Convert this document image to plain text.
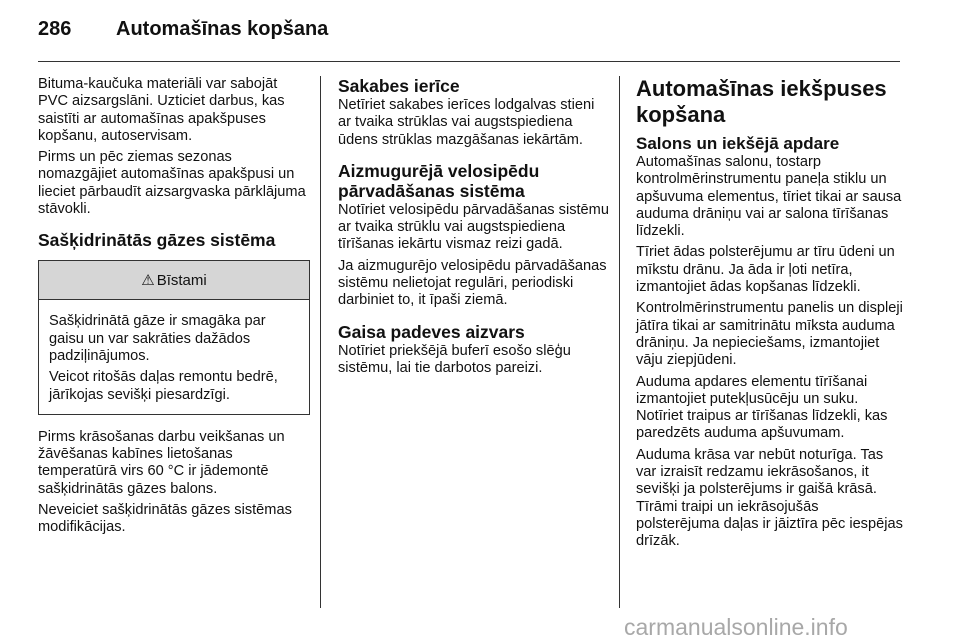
286 Automašīnas kopšana

Bituma-kaučuka materiāli var sabojāt PVC aizsargslāni. Uzticiet darbus, kas saistīti ar automašīnas apakšpuses kopšanu, autoservisam.

Pirms un pēc ziemas sezonas nomazgājiet automašīnas apakšpusi un lieciet pārbaudīt aizsargvaska pārklājuma stāvokli.

Sašķidrinātās gāzes sistēma
⚠ Bīstami

Sašķidrinātā gāze ir smagāka par gaisu un var sakrāties dažādos padziļinājumos.

Veicot ritošās daļas remontu bedrē, jārīkojas sevišķi piesardzīgi.

Pirms krāsošanas darbu veikšanas un žāvēšanas kabīnes lietošanas temperatūrā virs 60 °C ir jādemontē sašķidrinātās gāzes balons.

Neveiciet sašķidrinātās gāzes sistēmas modifikācijas.

Sakabes ierīce

Netīriet sakabes ierīces lodgalvas stieni ar tvaika strūklas vai augstspiediena ūdens strūklas mazgāšanas iekārtām.

Aizmugurējā velosipēdu pārvadāšanas sistēma

Notīriet velosipēdu pārvadāšanas sistēmu ar tvaika strūklu vai augstspiediena tīrīšanas iekārtu vismaz reizi gadā.

Ja aizmugurējo velosipēdu pārvadāšanas sistēmu nelietojat regulāri, periodiski darbiniet to, it īpaši ziemā.

Gaisa padeves aizvars

Notīriet priekšējā buferī esošo slēģu sistēmu, lai tie darbotos pareizi.

Automašīnas iekšpuses kopšana
Salons un iekšējā apdare

Automašīnas salonu, tostarp kontrolmērinstrumentu paneļa stiklu un apšuvuma elementus, tīriet tikai ar sausa auduma drāniņu vai ar salona tīrīšanas līdzekli.

Tīriet ādas polsterējumu ar tīru ūdeni un mīkstu drānu. Ja āda ir ļoti netīra, izmantojiet ādas kopšanas līdzekli.

Kontrolmērinstrumentu panelis un displeji jātīra tikai ar samitrinātu mīksta auduma drāniņu. Ja nepieciešams, izmantojiet vāju ziepjūdeni.

Auduma apdares elementu tīrīšanai izmantojiet putekļusūcēju un suku. Notīriet traipus ar tīrīšanas līdzekli, kas paredzēts auduma apšuvumam.

Auduma krāsa var nebūt noturīga. Tas var izraisīt redzamu iekrāsošanos, it sevišķi ja polsterējums ir gaišā krāsā. Tīrāmi traipi un iekrāsojušās polsterējuma daļas ir jāiztīra pēc iespējas drīzāk.

carmanualsonline.info
